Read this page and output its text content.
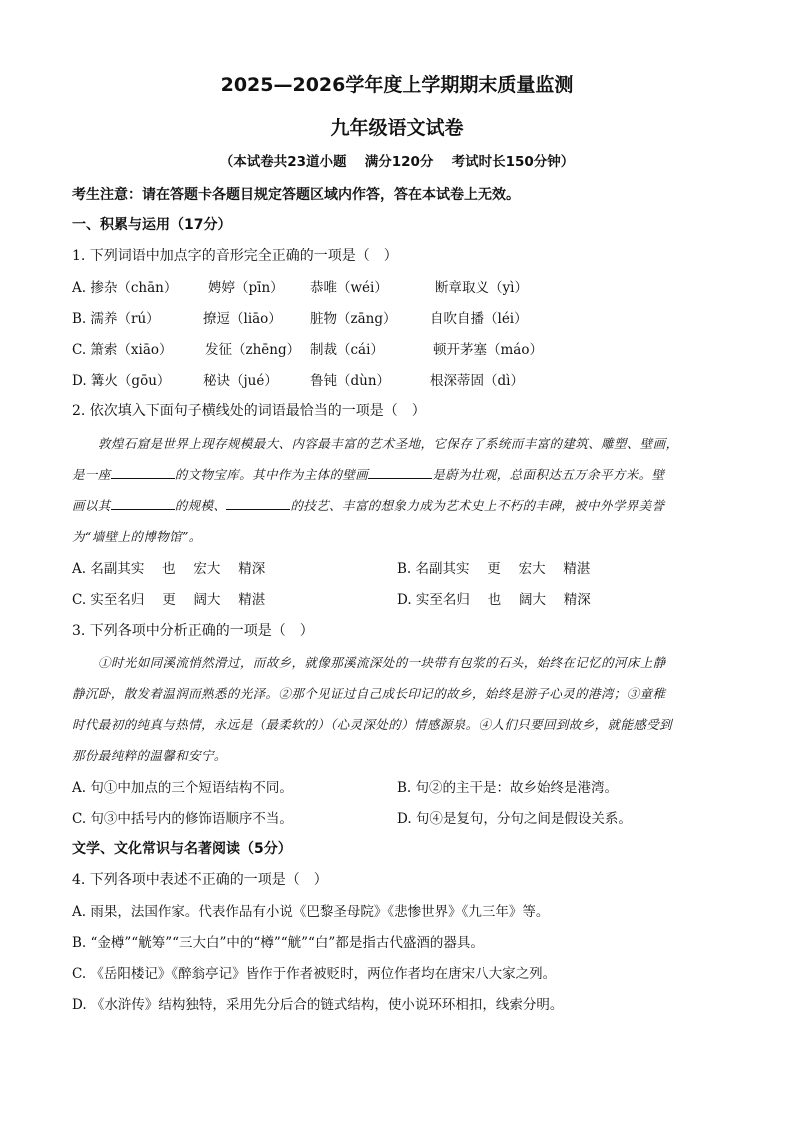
2025—2026学年度上学期期末质量监测
九年级语文试卷
（本试卷共23道小题　 满分120分　 考试时长150分钟）
考生注意：请在答题卡各题目规定答题区域内作答，答在本试卷上无效。
一、积累与运用（17分）
1. 下列词语中加点字的音形完全正确的一项是（　）
A. 掺杂（chān） 娉婷（pīn） 恭唯（wéi）	断章取义（yì）
B. 濡养（rú）	撩逗（liāo） 脏物（zāng） 自吹自播（léi）
C. 箫索（xiāo） 发征（zhēng） 制裁（cái）	顿开茅塞（máo）
D. 篝火（gōu） 秘诀（jué） 鲁钝（dùn）	根深蒂固（dì）
2. 依次填入下面句子横线处的词语最恰当的一项是（　）
敦煌石窟是世界上现存规模最大、内容最丰富的艺术圣地，它保存了系统而丰富的建筑、雕塑、壁画，
是一座	的文物宝库。其中作为主体的壁画	是蔚为壮观，总面积达五万余平方米。壁
画以其	的规模、	的技艺、丰富的想象力成为艺术史上不朽的丰碑，被中外学界美誉
为“墙壁上的博物馆”。
A. 名副其实　 也　 宏大　 精深	B. 名副其实　 更　 宏大　 精湛
C. 实至名归　 更　 阔大　 精湛	D. 实至名归　 也　 阔大　 精深
3. 下列各项中分析正确的一项是（　）
①时光如同溪流悄然滑过，而故乡，就像那溪流深处的一块带有包浆的石头，始终在记忆的河床上静
静沉卧，散发着温润而熟悉的光泽。②那个见证过自己成长印记的故乡，始终是游子心灵的港湾；③童稚
时代最初的纯真与热情，永远是（最柔软的）（心灵深处的）情感源泉。④人们只要回到故乡，就能感受到
那份最纯粹的温馨和安宁。
A. 句①中加点的三个短语结构不同。	B. 句②的主干是：故乡始终是港湾。
C. 句③中括号内的修饰语顺序不当。	D. 句④是复句，分句之间是假设关系。
文学、文化常识与名著阅读（5分）
4. 下列各项中表述不正确的一项是（　）
A. 雨果，法国作家。代表作品有小说《巴黎圣母院》《悲惨世界》《九三年》等。
B. “金樽”“觥筹”“三大白”中的“樽”“觥”“白”都是指古代盛酒的器具。
C. 《岳阳楼记》《醉翁亭记》皆作于作者被贬时，两位作者均在唐宋八大家之列。
D. 《水浒传》结构独特，采用先分后合的链式结构，使小说环环相扣，线索分明。
